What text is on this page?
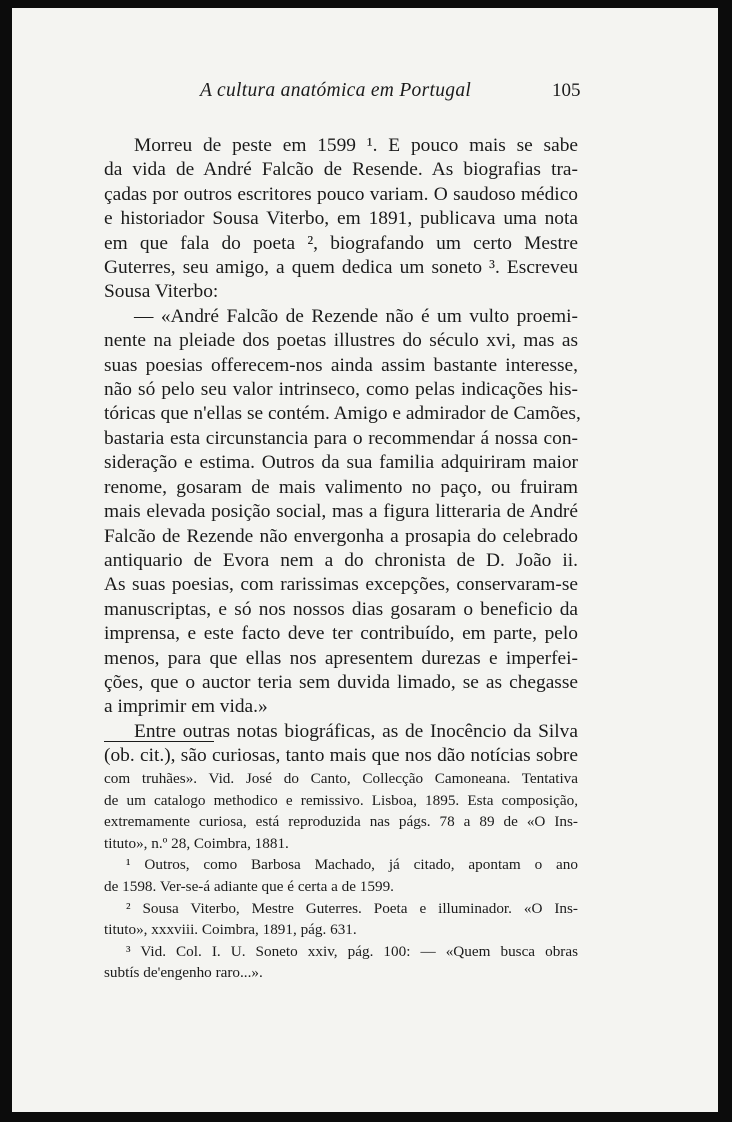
A cultura anatómica em Portugal	105

Morreu de peste em 1599 ¹. E pouco mais se sabe
da vida de André Falcão de Resende. As biografias tra-
çadas por outros escritores pouco variam. O saudoso médico
e historiador Sousa Viterbo, em 1891, publicava uma nota
em que fala do poeta ², biografando um certo Mestre
Guterres, seu amigo, a quem dedica um soneto ³. Escreveu
Sousa Viterbo:

— «André Falcão de Rezende não é um vulto proemi-
nente na pleiade dos poetas illustres do século xvi, mas as
suas poesias offerecem-nos ainda assim bastante interesse,
não só pelo seu valor intrinseco, como pelas indicações his-
tóricas que n'ellas se contém. Amigo e admirador de Camões,
bastaria esta circunstancia para o recommendar á nossa con-
sideração e estima. Outros da sua familia adquiriram maior
renome, gosaram de mais valimento no paço, ou fruiram
mais elevada posição social, mas a figura litteraria de André
Falcão de Rezende não envergonha a prosapia do celebrado
antiquario de Evora nem a do chronista de D. João ii.
As suas poesias, com rarissimas excepções, conservaram-se
manuscriptas, e só nos nossos dias gosaram o beneficio da
imprensa, e este facto deve ter contribuído, em parte, pelo
menos, para que ellas nos apresentem durezas e imperfei-
ções, que o auctor teria sem duvida limado, se as chegasse
a imprimir em vida.»

Entre outras notas biográficas, as de Inocêncio da Silva
(ob. cit.), são curiosas, tanto mais que nos dão notícias sobre

com truhães». Vid. José do Canto, Collecção Camoneana. Tentativa
de um catalogo methodico e remissivo. Lisboa, 1895. Esta composição,
extremamente curiosa, está reproduzida nas págs. 78 a 89 de «O Ins-
tituto», n.º 28, Coimbra, 1881.
¹ Outros, como Barbosa Machado, já citado, apontam o ano
de 1598. Ver-se-á adiante que é certa a de 1599.
² Sousa Viterbo, Mestre Guterres. Poeta e illuminador. «O Ins-
tituto», xxxviii. Coimbra, 1891, pág. 631.
³ Vid. Col. I. U. Soneto xxiv, pág. 100: — «Quem busca obras
subtís de'engenho raro...».
